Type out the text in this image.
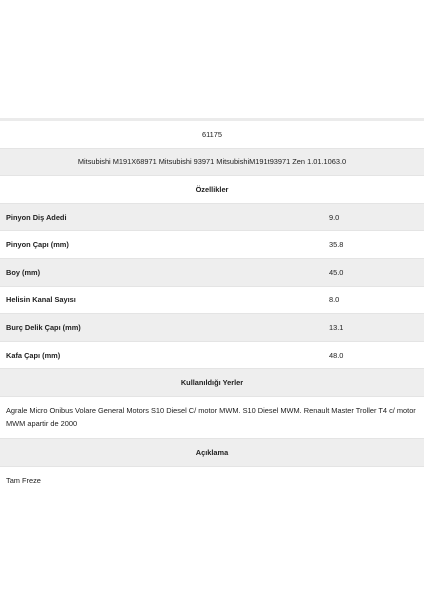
61175
Mitsubishi M191X68971 Mitsubishi 93971 MitsubishiM191t93971 Zen 1.01.1063.0
Özellikler
Pinyon Diş Adedi	9.0
Pinyon Çapı (mm)	35.8
Boy (mm)	45.0
Helisin Kanal Sayısı	8.0
Burç Delik Çapı (mm)	13.1
Kafa Çapı (mm)	48.0
Kullanıldığı Yerler
Agrale Micro Onibus Volare General Motors S10 Diesel C/ motor MWM. S10 Diesel MWM. Renault Master Troller T4 c/ motor MWM apartir de 2000
Açıklama
Tam Freze
